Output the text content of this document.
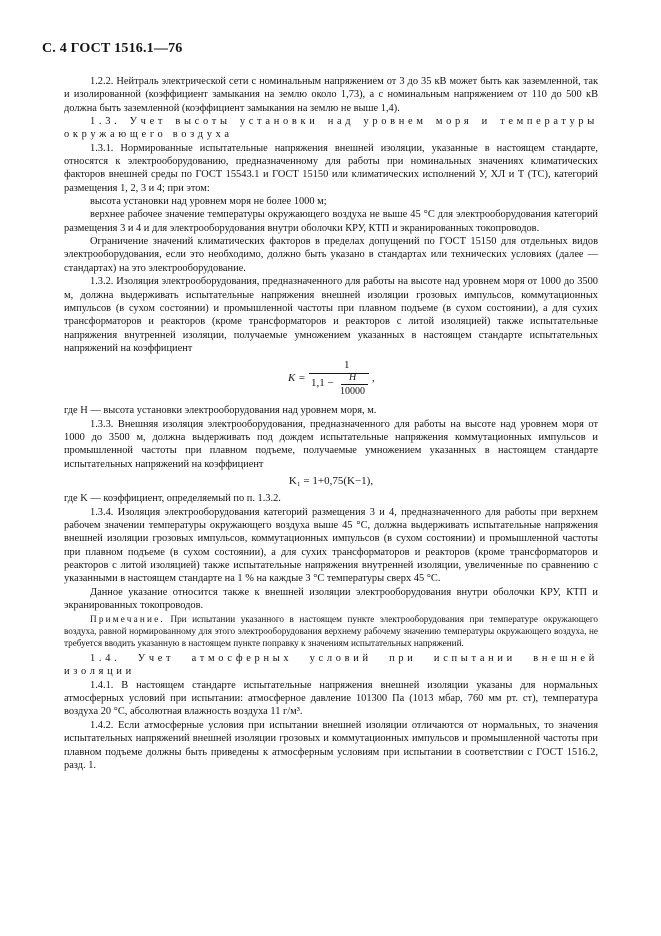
С. 4 ГОСТ 1516.1—76

1.2.2. Нейтраль электрической сети с номинальным напряжением от 3 до 35 кВ может быть как заземленной, так и изолированной (коэффициент замыкания на землю около 1,73), а с номинальным напряжением от 110 до 500 кВ должна быть заземленной (коэффициент замыкания на землю не выше 1,4).

1.3. Учет высоты установки над уровнем моря и температуры окружающего воздуха

1.3.1. Нормированные испытательные напряжения внешней изоляции, указанные в настоящем стандарте, относятся к электрооборудованию, предназначенному для работы при номинальных значениях климатических факторов внешней среды по ГОСТ 15543.1 и ГОСТ 15150 или климатических исполнений У, ХЛ и Т (ТС), категорий размещения 1, 2, 3 и 4; при этом:

высота установки над уровнем моря не более 1000 м;

верхнее рабочее значение температуры окружающего воздуха не выше 45 °С для электрооборудования категорий размещения 3 и 4 и для электрооборудования внутри оболочки КРУ, КТП и экранированных токопроводов.

Ограничение значений климатических факторов в пределах допущений по ГОСТ 15150 для отдельных видов электрооборудования, если это необходимо, должно быть указано в стандартах или технических условиях (далее — стандартах) на это электрооборудование.

1.3.2. Изоляция электрооборудования, предназначенного для работы на высоте над уровнем моря от 1000 до 3500 м, должна выдерживать испытательные напряжения внешней изоляции грозовых импульсов, коммутационных импульсов (в сухом состоянии) и промышленной частоты при плавном подъеме (в сухом состоянии), а для сухих трансформаторов и реакторов (кроме трансформаторов и реакторов с литой изоляцией) также испытательные напряжения внутренней изоляции, получаемые умножением указанных в настоящем стандарте испытательных напряжений на коэффициент

K =
1
1,1 − H
10000
,

где H — высота установки электрооборудования над уровнем моря, м.

1.3.3. Внешняя изоляция электрооборудования, предназначенного для работы на высоте над уровнем моря от 1000 до 3500 м, должна выдерживать под дождем испытательные напряжения коммутационных импульсов и промышленной частоты при плавном подъеме, получаемые умножением указанных в настоящем стандарте испытательных напряжений на коэффициент

K₁ = 1+0,75(K−1),

где K — коэффициент, определяемый по п. 1.3.2.

1.3.4. Изоляция электрооборудования категорий размещения 3 и 4, предназначенного для работы при верхнем рабочем значении температуры окружающего воздуха выше 45 °С, должна выдерживать испытательные напряжения внешней изоляции грозовых импульсов, коммутационных импульсов (в сухом состоянии) и промышленной частоты при плавном подъеме (в сухом состоянии), а для сухих трансформаторов и реакторов (кроме трансформаторов и реакторов с литой изоляцией) также испытательные напряжения внутренней изоляции, увеличенные по сравнению с указанными в настоящем стандарте на 1 % на каждые 3 °С температуры сверх 45 °С.

Данное указание относится также к внешней изоляции электрооборудования внутри оболочки КРУ, КТП и экранированных токопроводов.

Примечание. При испытании указанного в настоящем пункте электрооборудования при температуре окружающего воздуха, равной нормированному для этого электрооборудования верхнему рабочему значению температуры окружающего воздуха, не требуется вводить указанную в настоящем пункте поправку к значениям испытательных напряжений.

1.4. Учет атмосферных условий при испытании внешней изоляции

1.4.1. В настоящем стандарте испытательные напряжения внешней изоляции указаны для нормальных атмосферных условий при испытании: атмосферное давление 101300 Па (1013 мбар, 760 мм рт. ст), температура воздуха 20 °С, абсолютная влажность воздуха 11 г/м³.

1.4.2. Если атмосферные условия при испытании внешней изоляции отличаются от нормальных, то значения испытательных напряжений внешней изоляции грозовых и коммутационных импульсов и промышленной частоты при плавном подъеме должны быть приведены к атмосферным условиям при испытании в соответствии с ГОСТ 1516.2, разд. 1.
